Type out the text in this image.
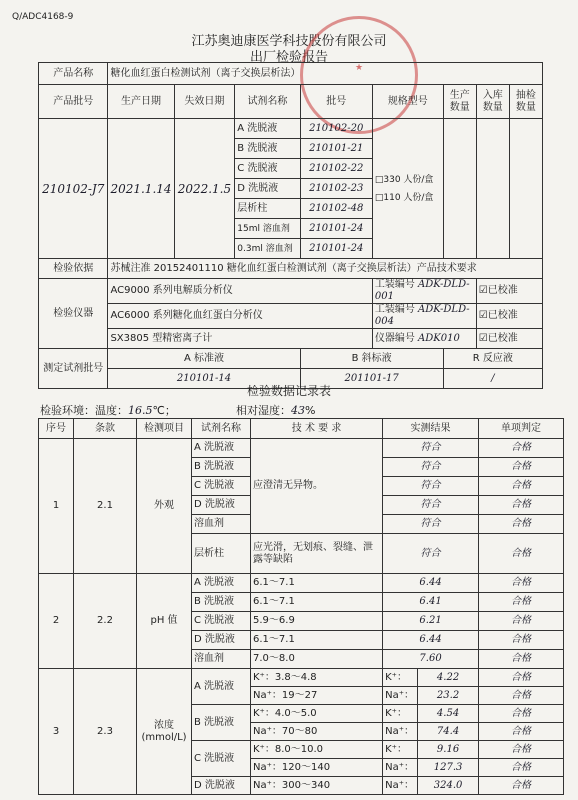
Q/ADC4168-9
江苏奥迪康医学科技股份有限公司
出厂检验报告
★
产品名称	糖化血红蛋白检测试剂（离子交换层析法）							
产品批号	生产日期	失效日期	试剂名称	批号	规格型号	生产数量	入库数量	抽检数量
210102-J7	2021.1.14	2022.1.5	A 洗脱液	210102-20	□330 人份/盒
□110 人份/盒			

			B 洗脱液	210101-21				
			C 洗脱液	210102-22				
			D 洗脱液	210102-23				
			层析柱	210102-48				
			15ml 溶血剂	210101-24				
			0.3ml 溶血剂	210101-24				
检验依据	苏械注准 20152401110 糖化血红蛋白检测试剂（离子交换层析法）产品技术要求							
检验仪器	AC9000 系列电解质分析仪				工装编号 ADK-DLD-001		☑已校准	
	AC6000 系列糖化血红蛋白分析仪				工装编号 ADK-DLD-004		☑已校准	
	SX3805 型精密离子计				仪器编号 ADK010		☑已校准	
测定试剂批号	A 标准液			B 斜标液		R 反应液		
	210101-14			201101-17		/		
检验数据记录表
检验环境：温度：16.5℃；	相对湿度：43%
序号	条款	检测项目	试剂名称	技 术 要 求	实测结果		单项判定
1	2.1	外观	A 洗脱液	应澄清无异物。	符合		合格
			B 洗脱液		符合		合格
			C 洗脱液		符合		合格
			D 洗脱液		符合		合格
			溶血剂		符合		合格
			层析柱	应光滑，无划痕、裂缝、泄露等缺陷	符合		合格
2	2.2	pH 值	A 洗脱液	6.1～7.1	6.44		合格
			B 洗脱液	6.1～7.1	6.41		合格
			C 洗脱液	5.9～6.9	6.21		合格
			D 洗脱液	6.1～7.1	6.44		合格
			溶血剂	7.0～8.0	7.60		合格
3	2.3	浓度(mmol/L)	A 洗脱液	K⁺：3.8～4.8	K⁺：	4.22	合格
				Na⁺：19～27	Na⁺：	23.2	合格
			B 洗脱液	K⁺：4.0～5.0	K⁺：	4.54	合格
				Na⁺：70～80	Na⁺：	74.4	合格
			C 洗脱液	K⁺：8.0～10.0	K⁺：	9.16	合格
				Na⁺：120～140	Na⁺：	127.3	合格
			D 洗脱液	Na⁺：300～340	Na⁺：	324.0	合格
